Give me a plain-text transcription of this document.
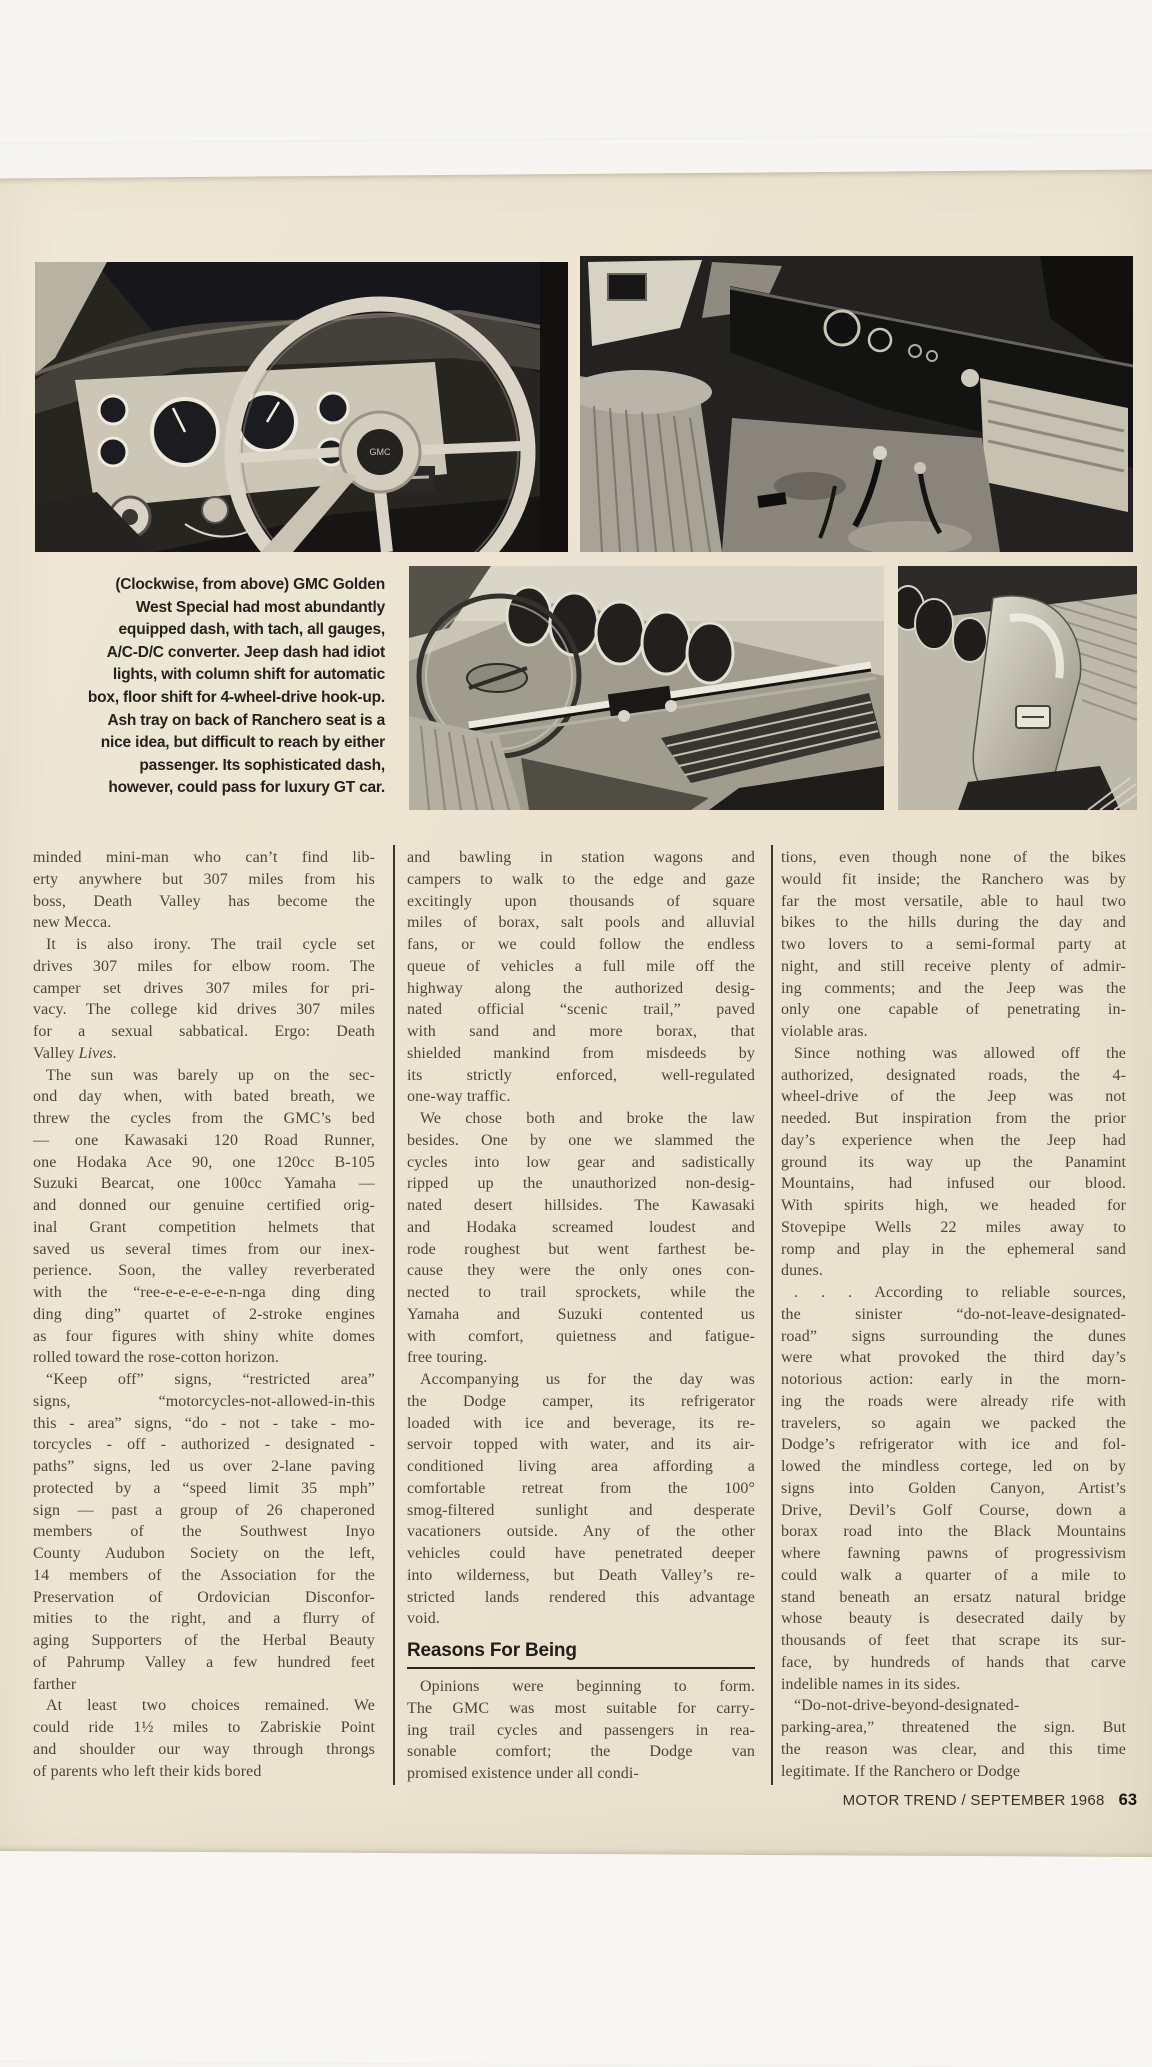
GMC
(Clockwise, from above) GMC Golden
West Special had most abundantly
equipped dash, with tach, all gauges,
A/C-D/C converter. Jeep dash had idiot
lights, with column shift for automatic
box, floor shift for 4-wheel-drive hook-up.
Ash tray on back of Ranchero seat is a
nice idea, but difficult to reach by either
passenger. Its sophisticated dash,
however, could pass for luxury GT car.
minded mini-man who can’t find lib-
erty anywhere but 307 miles from his
boss, Death Valley has become the
new Mecca.
It is also irony. The trail cycle set
drives 307 miles for elbow room. The
camper set drives 307 miles for pri-
vacy. The college kid drives 307 miles
for a sexual sabbatical. Ergo: Death
Valley Lives.
The sun was barely up on the sec-
ond day when, with bated breath, we
threw the cycles from the GMC’s bed
— one Kawasaki 120 Road Runner,
one Hodaka Ace 90, one 120cc B-105
Suzuki Bearcat, one 100cc Yamaha —
and donned our genuine certified orig-
inal Grant competition helmets that
saved us several times from our inex-
perience. Soon, the valley reverberated
with the “ree-e-e-e-e-e-n-nga ding ding
ding ding” quartet of 2-stroke engines
as four figures with shiny white domes
rolled toward the rose-cotton horizon.
“Keep off” signs, “restricted area”
signs, “motorcycles-not-allowed-in-this
this - area” signs, “do - not - take - mo-
torcycles - off - authorized - designated -
paths” signs, led us over 2-lane paving
protected by a “speed limit 35 mph”
sign — past a group of 26 chaperoned
members of the Southwest Inyo
County Audubon Society on the left,
14 members of the Association for the
Preservation of Ordovician Disconfor-
mities to the right, and a flurry of
aging Supporters of the Herbal Beauty
of Pahrump Valley a few hundred feet
farther
At least two choices remained. We
could ride 1½ miles to Zabriskie Point
and shoulder our way through throngs
of parents who left their kids bored
and bawling in station wagons and
campers to walk to the edge and gaze
excitingly upon thousands of square
miles of borax, salt pools and alluvial
fans, or we could follow the endless
queue of vehicles a full mile off the
highway along the authorized desig-
nated official “scenic trail,” paved
with sand and more borax, that
shielded mankind from misdeeds by
its strictly enforced, well-regulated
one-way traffic.
We chose both and broke the law
besides. One by one we slammed the
cycles into low gear and sadistically
ripped up the unauthorized non-desig-
nated desert hillsides. The Kawasaki
and Hodaka screamed loudest and
rode roughest but went farthest be-
cause they were the only ones con-
nected to trail sprockets, while the
Yamaha and Suzuki contented us
with comfort, quietness and fatigue-
free touring.
Accompanying us for the day was
the Dodge camper, its refrigerator
loaded with ice and beverage, its re-
servoir topped with water, and its air-
conditioned living area affording a
comfortable retreat from the 100°
smog-filtered sunlight and desperate
vacationers outside. Any of the other
vehicles could have penetrated deeper
into wilderness, but Death Valley’s re-
stricted lands rendered this advantage
void.
Reasons For Being
Opinions were beginning to form.
The GMC was most suitable for carry-
ing trail cycles and passengers in rea-
sonable comfort; the Dodge van
promised existence under all condi-
tions, even though none of the bikes
would fit inside; the Ranchero was by
far the most versatile, able to haul two
bikes to the hills during the day and
two lovers to a semi-formal party at
night, and still receive plenty of admir-
ing comments; and the Jeep was the
only one capable of penetrating in-
violable aras.
Since nothing was allowed off the
authorized, designated roads, the 4-
wheel-drive of the Jeep was not
needed. But inspiration from the prior
day’s experience when the Jeep had
ground its way up the Panamint
Mountains, had infused our blood.
With spirits high, we headed for
Stovepipe Wells 22 miles away to
romp and play in the ephemeral sand
dunes.
. . . According to reliable sources,
the sinister “do-not-leave-designated-
road” signs surrounding the dunes
were what provoked the third day’s
notorious action: early in the morn-
ing the roads were already rife with
travelers, so again we packed the
Dodge’s refrigerator with ice and fol-
lowed the mindless cortege, led on by
signs into Golden Canyon, Artist’s
Drive, Devil’s Golf Course, down a
borax road into the Black Mountains
where fawning pawns of progressivism
could walk a quarter of a mile to
stand beneath an ersatz natural bridge
whose beauty is desecrated daily by
thousands of feet that scrape its sur-
face, by hundreds of hands that carve
indelible names in its sides.
“Do-not-drive-beyond-designated-
parking-area,” threatened the sign. But
the reason was clear, and this time
legitimate. If the Ranchero or Dodge
MOTOR TREND / SEPTEMBER 1968 63
